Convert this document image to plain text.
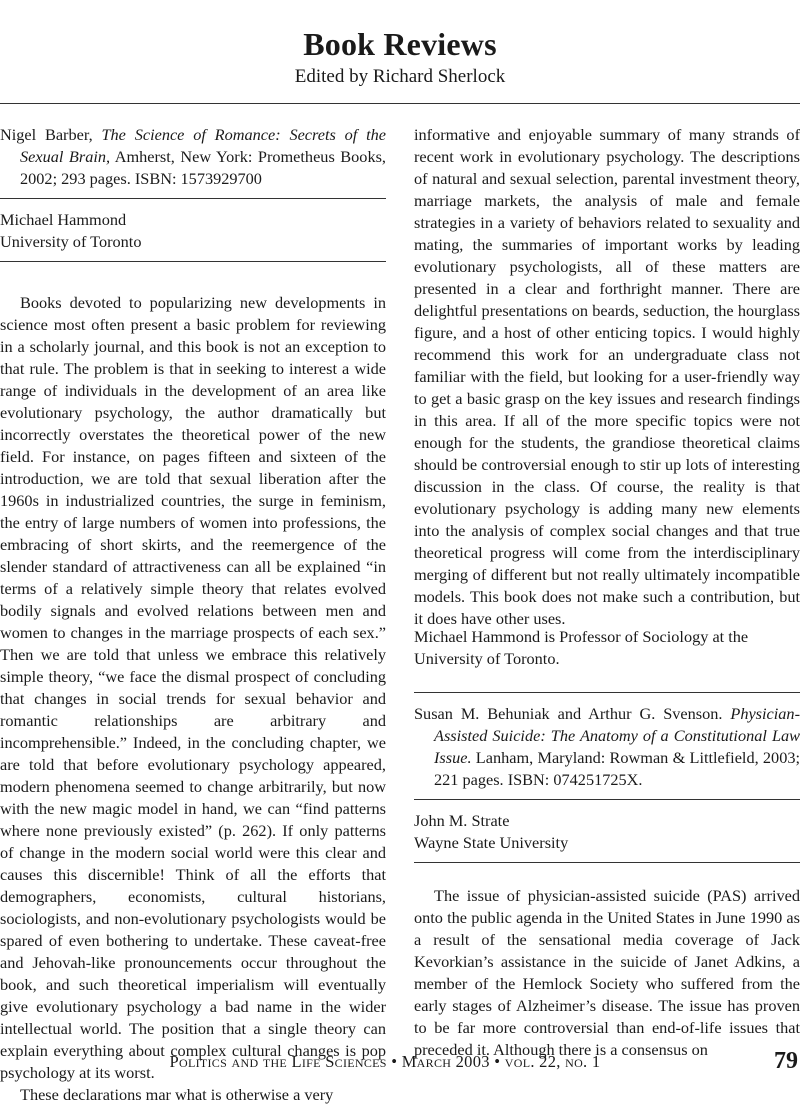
Book Reviews
Edited by Richard Sherlock

Nigel Barber, The Science of Romance: Secrets of the Sexual Brain, Amherst, New York: Prometheus Books, 2002; 293 pages. ISBN: 1573929700

Michael Hammond

University of Toronto

Books devoted to popularizing new developments in science most often present a basic problem for reviewing in a scholarly journal, and this book is not an exception to that rule. The problem is that in seeking to interest a wide range of individuals in the development of an area like evolutionary psychology, the author dramatically but incorrectly overstates the theoretical power of the new field. For instance, on pages fifteen and sixteen of the introduction, we are told that sexual liberation after the 1960s in industrialized countries, the surge in feminism, the entry of large numbers of women into professions, the embracing of short skirts, and the reemergence of the slender standard of attractiveness can all be explained “in terms of a relatively simple theory that relates evolved bodily signals and evolved relations between men and women to changes in the marriage prospects of each sex.” Then we are told that unless we embrace this relatively simple theory, “we face the dismal prospect of concluding that changes in social trends for sexual behavior and romantic relationships are arbitrary and incomprehensible.” Indeed, in the concluding chapter, we are told that before evolutionary psychology appeared, modern phenomena seemed to change arbitrarily, but now with the new magic model in hand, we can “find patterns where none previously existed” (p. 262). If only patterns of change in the modern social world were this clear and causes this discernible! Think of all the efforts that demographers, economists, cultural historians, sociologists, and non-evolutionary psychologists would be spared of even bothering to undertake. These caveat-free and Jehovah-like pronouncements occur throughout the book, and such theoretical imperialism will eventually give evolutionary psychology a bad name in the wider intellectual world. The position that a single theory can explain everything about complex cultural changes is pop psychology at its worst.

These declarations mar what is otherwise a very

informative and enjoyable summary of many strands of recent work in evolutionary psychology. The descriptions of natural and sexual selection, parental investment theory, marriage markets, the analysis of male and female strategies in a variety of behaviors related to sexuality and mating, the summaries of important works by leading evolutionary psychologists, all of these matters are presented in a clear and forthright manner. There are delightful presentations on beards, seduction, the hourglass figure, and a host of other enticing topics. I would highly recommend this work for an undergraduate class not familiar with the field, but looking for a user-friendly way to get a basic grasp on the key issues and research findings in this area. If all of the more specific topics were not enough for the students, the grandiose theoretical claims should be controversial enough to stir up lots of interesting discussion in the class. Of course, the reality is that evolutionary psychology is adding many new elements into the analysis of complex social changes and that true theoretical progress will come from the interdisciplinary merging of different but not really ultimately incompatible models. This book does not make such a contribution, but it does have other uses.

Michael Hammond is Professor of Sociology at the University of Toronto.

Susan M. Behuniak and Arthur G. Svenson. Physician-Assisted Suicide: The Anatomy of a Constitutional Law Issue. Lanham, Maryland: Rowman & Littlefield, 2003; 221 pages. ISBN: 074251725X.

John M. Strate

Wayne State University

The issue of physician-assisted suicide (PAS) arrived onto the public agenda in the United States in June 1990 as a result of the sensational media coverage of Jack Kevorkian’s assistance in the suicide of Janet Adkins, a member of the Hemlock Society who suffered from the early stages of Alzheimer’s disease. The issue has proven to be far more controversial than end-of-life issues that preceded it. Although there is a consensus on

Politics and the Life Sciences • March 2003 • vol. 22, no. 1	79
